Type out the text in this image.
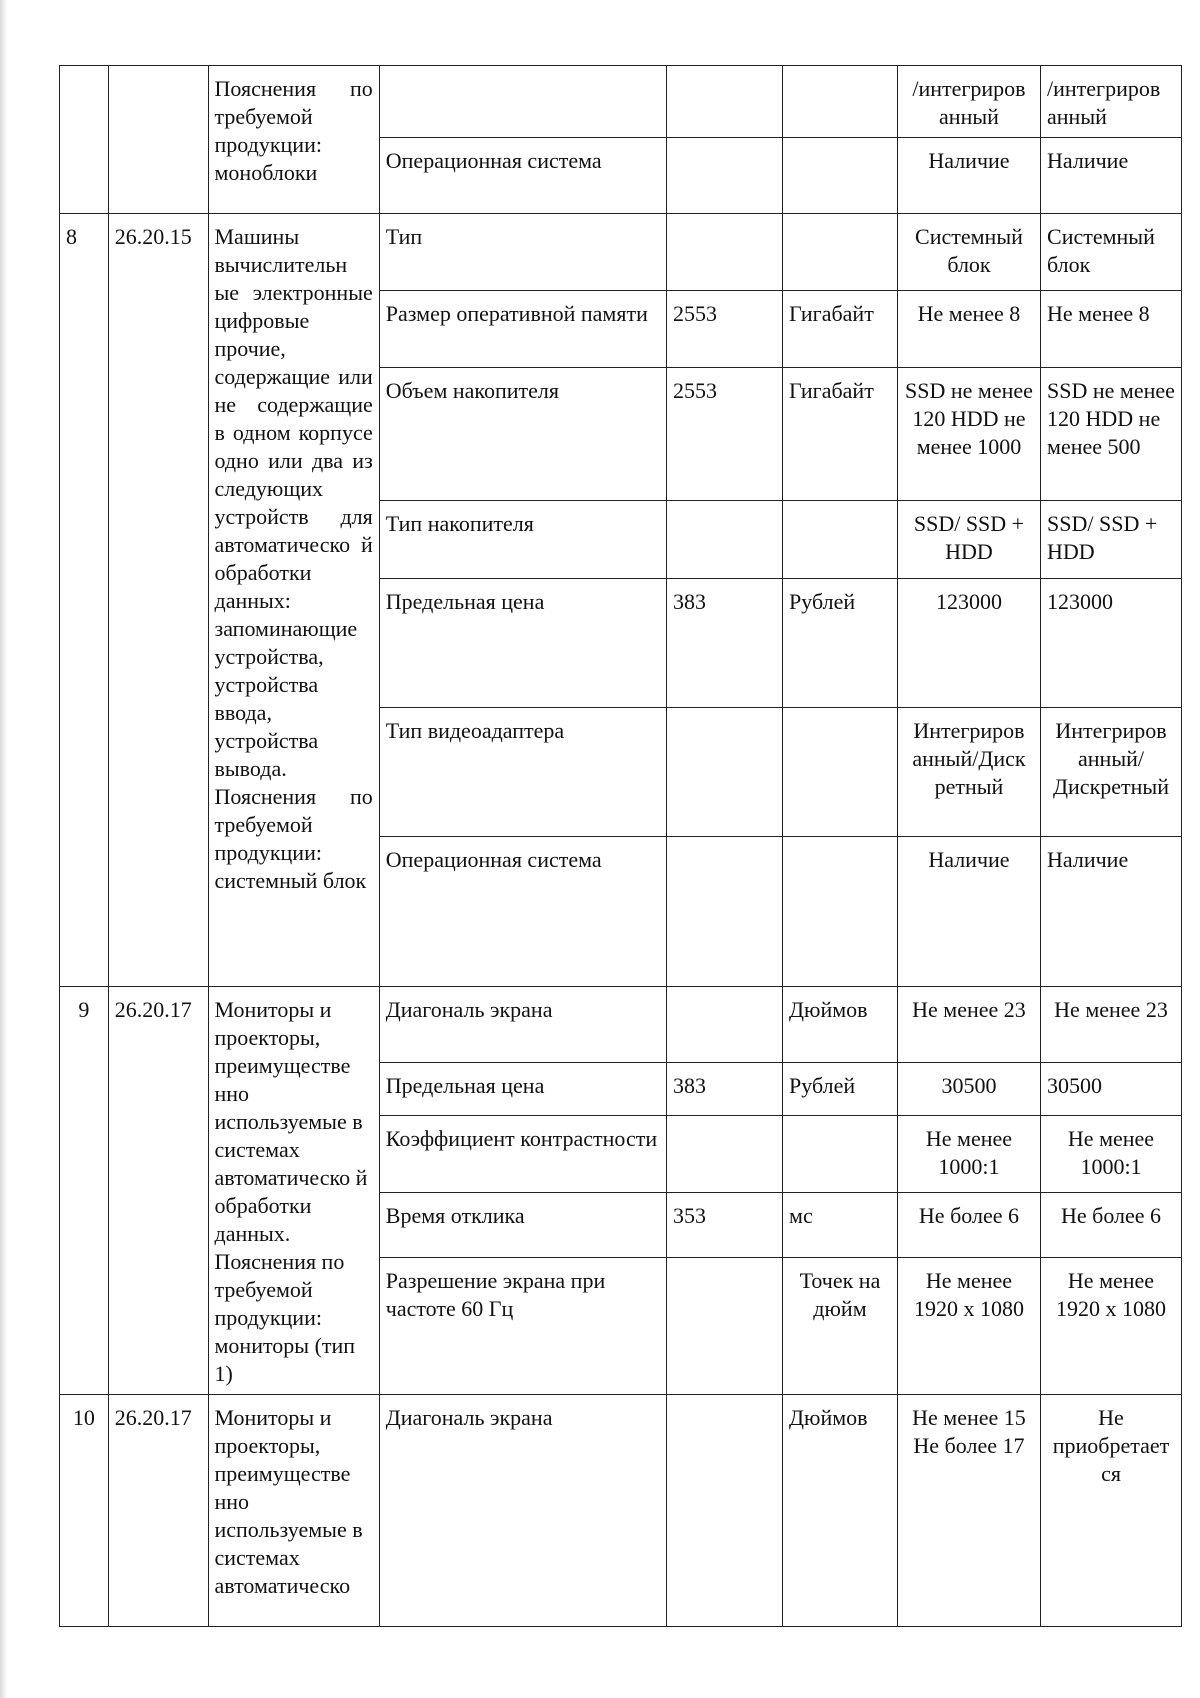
		Пояснения по требуемой продукции: моноблоки				/интегриров анный	/интегриров анный
			Операционная система			Наличие	Наличие
8	26.20.15	Машины вычислительн ые электронные цифровые прочие, содержащие или не содержащие в одном корпусе одно или два из следующих устройств для автоматическо й обработки данных: запоминающие устройства, устройства ввода, устройства вывода. Пояснения по требуемой продукции: системный блок	Тип			Системный блок	Системный блок
			Размер оперативной памяти	2553	Гигабайт	Не менее 8	Не менее 8
			Объем накопителя	2553	Гигабайт	SSD не менее 120 HDD не менее 1000	SSD не менее 120 HDD не менее 500
			Тип накопителя			SSD/ SSD + HDD	SSD/ SSD + HDD
			Предельная цена	383	Рублей	123000	123000
			Тип видеоадаптера			Интегриров анный/Диск ретный	Интегриров анный/ Дискретный
			Операционная система			Наличие	Наличие
9	26.20.17	Мониторы и проекторы, преимуществе нно используемые в системах автоматическо й обработки данных. Пояснения по требуемой продукции: мониторы (тип 1)	Диагональ экрана		Дюймов	Не менее 23	Не менее 23
			Предельная цена	383	Рублей	30500	30500
			Коэффициент контрастности			Не менее 1000:1	Не менее 1000:1
			Время отклика	353	мс	Не более 6	Не более 6
			Разрешение экрана при частоте 60 Гц		Точек на дюйм	Не менее 1920 x 1080	Не менее 1920 x 1080
10	26.20.17	Мониторы и проекторы, преимуществе нно используемые в системах автоматическо	Диагональ экрана		Дюймов	Не менее 15 Не более 17	Не приобретает ся
